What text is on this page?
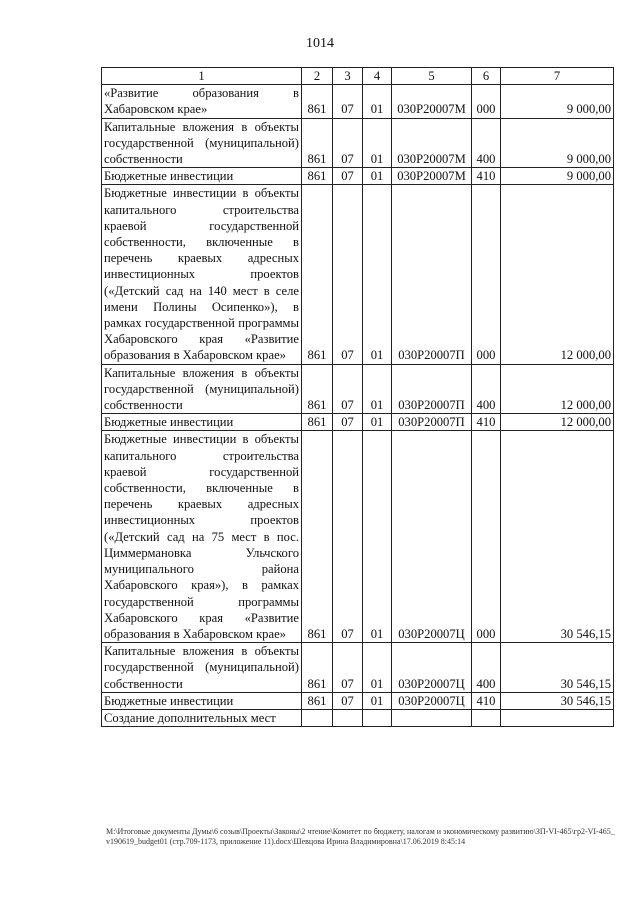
1014
1	2	3	4	5	6	7
«Развитие образования в Хабаровском крае»	861	07	01	030P20007M	000	9 000,00
Капитальные вложения в объекты государственной (муниципальной) собственности	861	07	01	030P20007M	400	9 000,00
Бюджетные инвестиции	861	07	01	030P20007M	410	9 000,00
Бюджетные инвестиции в объекты капитального строительства краевой государственной собственности, включенные в перечень краевых адресных инвестиционных проектов («Детский сад на 140 мест в селе имени Полины Осипенко»), в рамках государственной программы Хабаровского края «Развитие образования в Хабаровском крае»	861	07	01	030P20007П	000	12 000,00
Капитальные вложения в объекты государственной (муниципальной) собственности	861	07	01	030P20007П	400	12 000,00
Бюджетные инвестиции	861	07	01	030P20007П	410	12 000,00
Бюджетные инвестиции в объекты капитального строительства краевой государственной собственности, включенные в перечень краевых адресных инвестиционных проектов («Детский сад на 75 мест в пос. Циммермановка Ульчского муниципального района Хабаровского края»), в рамках государственной программы Хабаровского края «Развитие образования в Хабаровском крае»	861	07	01	030P20007Ц	000	30 546,15
Капитальные вложения в объекты государственной (муниципальной) собственности	861	07	01	030P20007Ц	400	30 546,15
Бюджетные инвестиции	861	07	01	030P20007Ц	410	30 546,15
Создание дополнительных мест						
M:\Итоговые документы Думы\6 созыв\Проекты\Законы\2 чтение\Комитет по бюджету, налогам и экономическому развитию\ЗП-VI-465\гр2-VI-465_v190619_budget01 (стр.709-1173, приложение 11).docx\Шевцова Ирина Владимировна\17.06.2019 8:45:14
